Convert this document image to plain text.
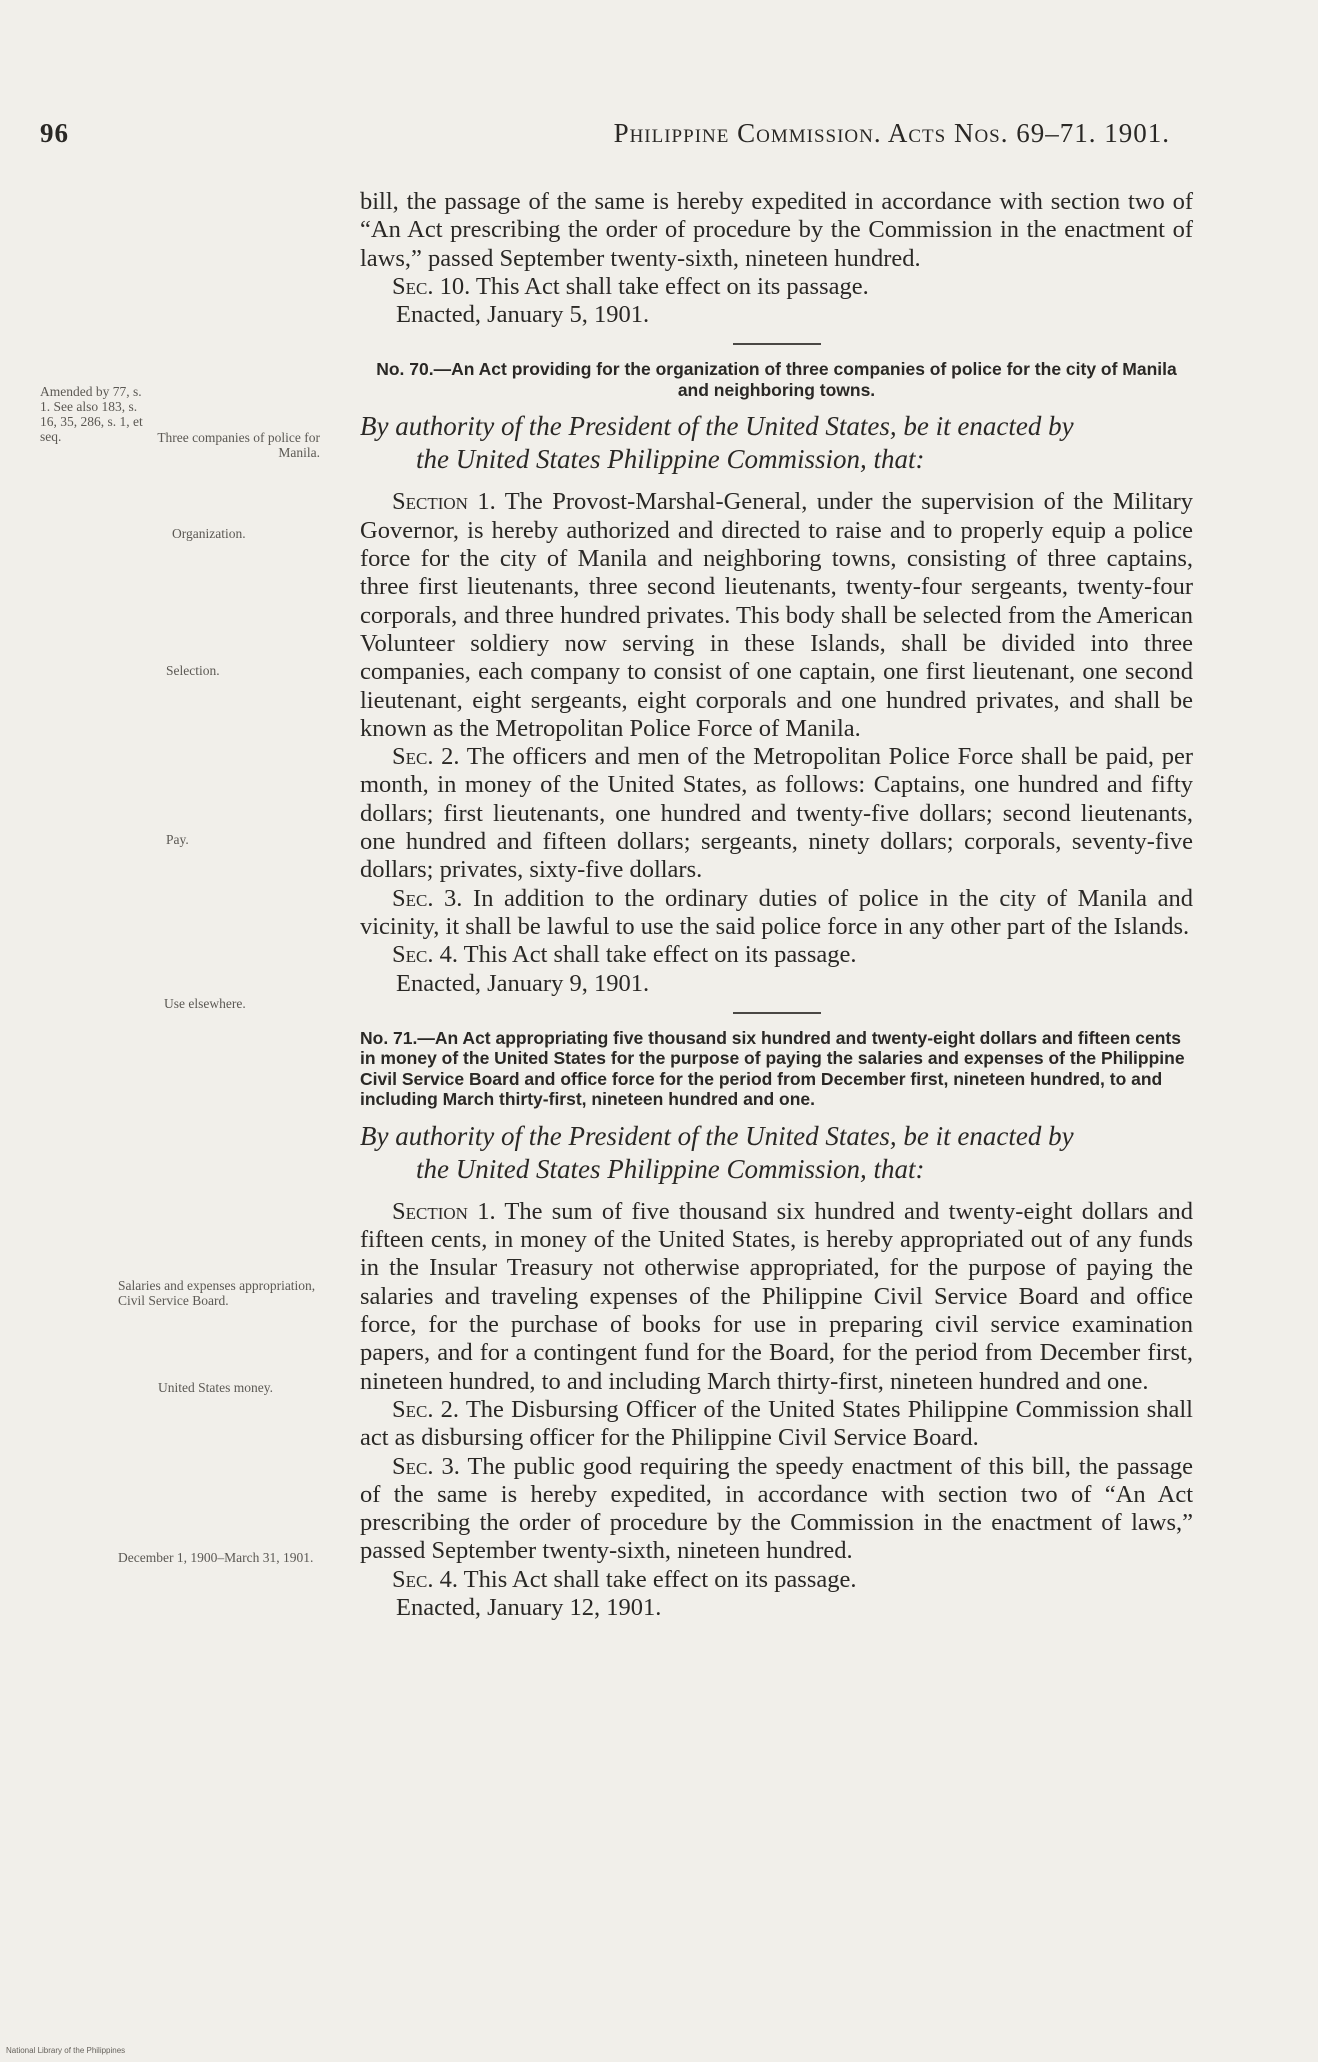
96	Philippine Commission. Acts Nos. 69–71. 1901.

bill, the passage of the same is hereby expedited in accordance with section two of “An Act prescribing the order of procedure by the Commission in the enactment of laws,” passed September twenty-sixth, nineteen hundred.

Sec. 10. This Act shall take effect on its passage.

Enacted, January 5, 1901.

No. 70.—An Act providing for the organization of three companies of police for the city of Manila and neighboring towns.

By authority of the President of the United States, be it enacted by
the United States Philippine Commission, that:

Section 1. The Provost-Marshal-General, under the supervision of the Military Governor, is hereby authorized and directed to raise and to properly equip a police force for the city of Manila and neighboring towns, consisting of three captains, three first lieutenants, three second lieutenants, twenty-four sergeants, twenty-four corporals, and three hundred privates. This body shall be selected from the American Volunteer soldiery now serving in these Islands, shall be divided into three companies, each company to consist of one captain, one first lieutenant, one second lieutenant, eight sergeants, eight corporals and one hundred privates, and shall be known as the Metropolitan Police Force of Manila.

Sec. 2. The officers and men of the Metropolitan Police Force shall be paid, per month, in money of the United States, as follows: Captains, one hundred and fifty dollars; first lieutenants, one hundred and twenty-five dollars; second lieutenants, one hundred and fifteen dollars; sergeants, ninety dollars; corporals, seventy-five dollars; privates, sixty-five dollars.

Sec. 3. In addition to the ordinary duties of police in the city of Manila and vicinity, it shall be lawful to use the said police force in any other part of the Islands.

Sec. 4. This Act shall take effect on its passage.

Enacted, January 9, 1901.

No. 71.—An Act appropriating five thousand six hundred and twenty-eight dollars and fifteen cents in money of the United States for the purpose of paying the salaries and expenses of the Philippine Civil Service Board and office force for the period from December first, nineteen hundred, to and including March thirty-first, nineteen hundred and one.

By authority of the President of the United States, be it enacted by
the United States Philippine Commission, that:

Section 1. The sum of five thousand six hundred and twenty-eight dollars and fifteen cents, in money of the United States, is hereby appropriated out of any funds in the Insular Treasury not otherwise appropriated, for the purpose of paying the salaries and traveling expenses of the Philippine Civil Service Board and office force, for the purchase of books for use in preparing civil service examination papers, and for a contingent fund for the Board, for the period from December first, nineteen hundred, to and including March thirty-first, nineteen hundred and one.

Sec. 2. The Disbursing Officer of the United States Philippine Commission shall act as disbursing officer for the Philippine Civil Service Board.

Sec. 3. The public good requiring the speedy enactment of this bill, the passage of the same is hereby expedited, in accordance with section two of “An Act prescribing the order of procedure by the Commission in the enactment of laws,” passed September twenty-sixth, nineteen hundred.

Sec. 4. This Act shall take effect on its passage.

Enacted, January 12, 1901.

Amended by 77, s. 1. See also 183, s. 16, 35, 286, s. 1, et seq.	Three companies of police for Manila.
Organization.
Selection.
Pay.
Use elsewhere.
Salaries and expenses appropriation, Civil Service Board.
United States money.
December 1, 1900–March 31, 1901.
National Library of the Philippines
